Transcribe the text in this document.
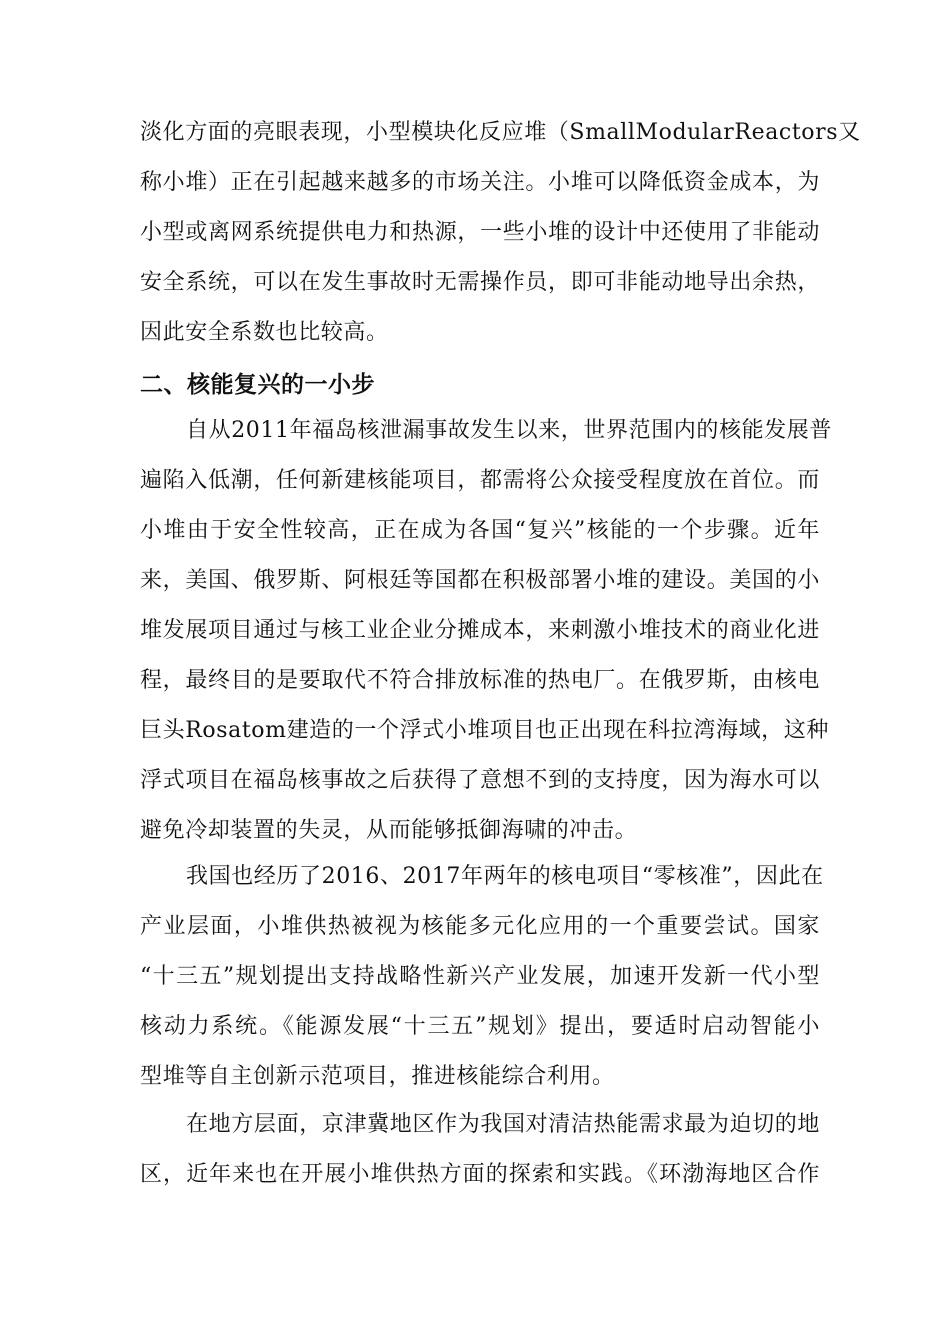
淡化方面的亮眼表现，小型模块化反应堆（SmallModularReactors又
称小堆）正在引起越来越多的市场关注。小堆可以降低资金成本，为
小型或离网系统提供电力和热源，一些小堆的设计中还使用了非能动
安全系统，可以在发生事故时无需操作员，即可非能动地导出余热，
因此安全系数也比较高。
二、核能复兴的一小步
自从2011年福岛核泄漏事故发生以来，世界范围内的核能发展普
遍陷入低潮，任何新建核能项目，都需将公众接受程度放在首位。而
小堆由于安全性较高，正在成为各国“复兴”核能的一个步骤。近年
来，美国、俄罗斯、阿根廷等国都在积极部署小堆的建设。美国的小
堆发展项目通过与核工业企业分摊成本，来刺激小堆技术的商业化进
程，最终目的是要取代不符合排放标准的热电厂。在俄罗斯，由核电
巨头Rosatom建造的一个浮式小堆项目也正出现在科拉湾海域，这种
浮式项目在福岛核事故之后获得了意想不到的支持度，因为海水可以
避免冷却装置的失灵，从而能够抵御海啸的冲击。
我国也经历了2016、2017年两年的核电项目“零核准”，因此在
产业层面，小堆供热被视为核能多元化应用的一个重要尝试。国家
“十三五”规划提出支持战略性新兴产业发展，加速开发新一代小型
核动力系统。《能源发展“十三五”规划》提出，要适时启动智能小
型堆等自主创新示范项目，推进核能综合利用。
在地方层面，京津冀地区作为我国对清洁热能需求最为迫切的地
区，近年来也在开展小堆供热方面的探索和实践。《环渤海地区合作
